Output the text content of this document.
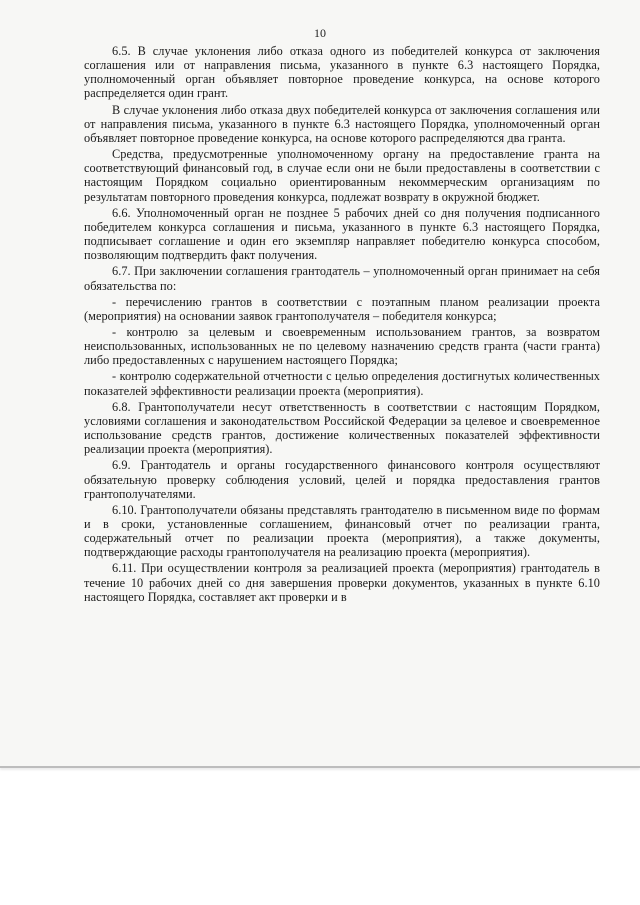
10

6.5. В случае уклонения либо отказа одного из победителей конкурса от заключения соглашения или от направления письма, указанного в пункте 6.3 настоящего Порядка, уполномоченный орган объявляет повторное проведение конкурса, на основе которого распределяется один грант.

В случае уклонения либо отказа двух победителей конкурса от заключения соглашения или от направления письма, указанного в пункте 6.3 настоящего Порядка, уполномоченный орган объявляет повторное проведение конкурса, на основе которого распределяются два гранта.

Средства, предусмотренные уполномоченному органу на предоставление гранта на соответствующий финансовый год, в случае если они не были предоставлены в соответствии с настоящим Порядком социально ориентированным некоммерческим организациям по результатам повторного проведения конкурса, подлежат возврату в окружной бюджет.

6.6. Уполномоченный орган не позднее 5 рабочих дней со дня получения подписанного победителем конкурса соглашения и письма, указанного в пункте 6.3 настоящего Порядка, подписывает соглашение и один его экземпляр направляет победителю конкурса способом, позволяющим подтвердить факт получения.

6.7. При заключении соглашения грантодатель – уполномоченный орган принимает на себя обязательства по:

- перечислению грантов в соответствии с поэтапным планом реализации проекта (мероприятия) на основании заявок грантополучателя – победителя конкурса;

- контролю за целевым и своевременным использованием грантов, за возвратом неиспользованных, использованных не по целевому назначению средств гранта (части гранта) либо предоставленных с нарушением настоящего Порядка;

- контролю содержательной отчетности с целью определения достигнутых количественных показателей эффективности реализации проекта (мероприятия).

6.8. Грантополучатели несут ответственность в соответствии с настоящим Порядком, условиями соглашения и законодательством Российской Федерации за целевое и своевременное использование средств грантов, достижение количественных показателей эффективности реализации проекта (мероприятия).

6.9. Грантодатель и органы государственного финансового контроля осуществляют обязательную проверку соблюдения условий, целей и порядка предоставления грантов грантополучателями.

6.10. Грантополучатели обязаны представлять грантодателю в письменном виде по формам и в сроки, установленные соглашением, финансовый отчет по реализации гранта, содержательный отчет по реализации проекта (мероприятия), а также документы, подтверждающие расходы грантополучателя на реализацию проекта (мероприятия).

6.11. При осуществлении контроля за реализацией проекта (мероприятия) грантодатель в течение 10 рабочих дней со дня завершения проверки документов, указанных в пункте 6.10 настоящего Порядка, составляет акт проверки и в
